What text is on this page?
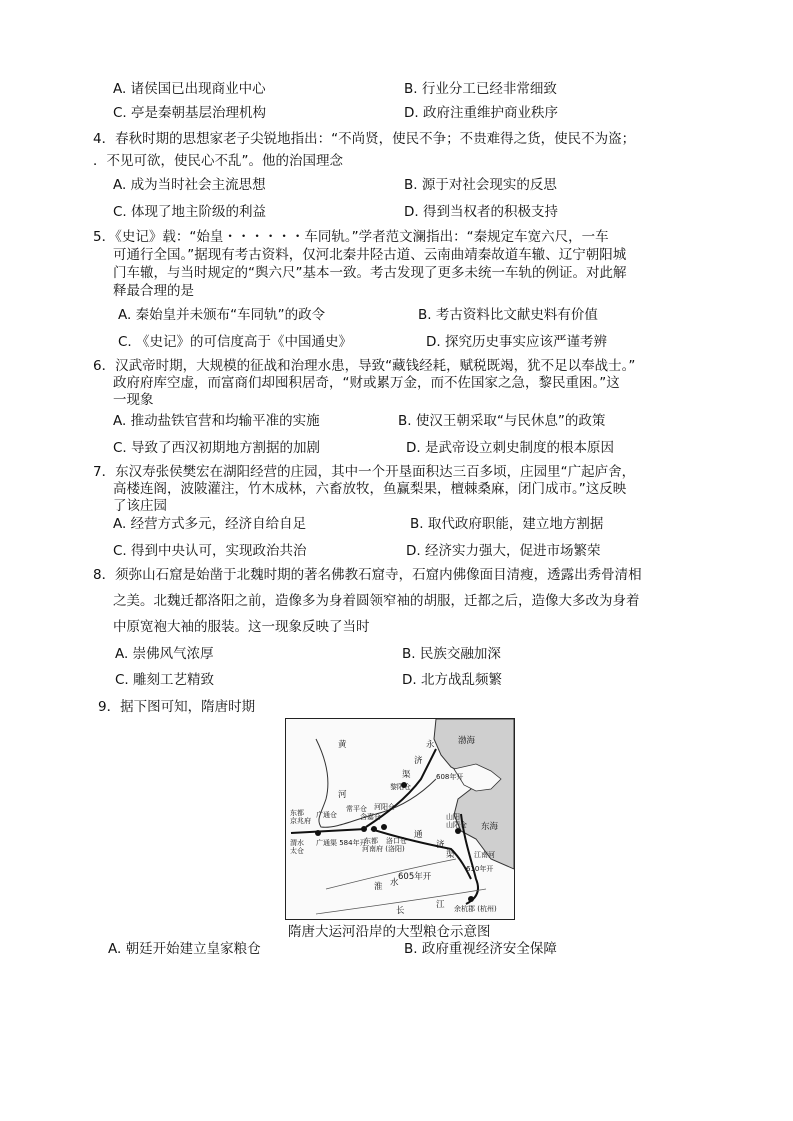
A. 诸侯国已出现商业中心	B. 行业分工已经非常细致
C. 亭是秦朝基层治理机构	D. 政府注重维护商业秩序
4．春秋时期的思想家老子尖锐地指出：“不尚贤，使民不争；不贵难得之货，使民不为盗；
．不见可欲，使民心不乱”。他的治国理念
A. 成为当时社会主流思想	B. 源于对社会现实的反思
C. 体现了地主阶级的利益	D. 得到当权者的积极支持
5．《史记》载：“始皇・・・・・・车同轨。”学者范文澜指出：“秦规定车宽六尺，一车
可通行全国。”据现有考古资料，仅河北秦井陉古道、云南曲靖秦故道车辙、辽宁朝阳城
门车辙，与当时规定的“舆六尺”基本一致。考古发现了更多未统一车轨的例证。对此解
释最合理的是
A. 秦始皇并未颁布“车同轨”的政令	B. 考古资料比文献史料有价值
C. 《史记》的可信度高于《中国通史》	D. 探究历史事实应该严谨考辨
6．汉武帝时期，大规模的征战和治理水患，导致“藏钱经耗，赋税既竭，犹不足以奉战士。”
政府府库空虚，而富商们却囤积居奇，“财或累万金，而不佐国家之急，黎民重困。”这
一现象
A. 推动盐铁官营和均输平准的实施	B. 使汉王朝采取“与民休息”的政策
C. 导致了西汉初期地方割据的加剧	D. 是武帝设立刺史制度的根本原因
7．东汉寿张侯樊宏在湖阳经营的庄园，其中一个开垦面积达三百多顷，庄园里“广起庐舍，
高楼连阁，波陂灌注，竹木成林，六畜放牧，鱼赢梨果，檀棘桑麻，闭门成市。”这反映
了该庄园
A. 经营方式多元，经济自给自足	B. 取代政府职能，建立地方割据
C. 得到中央认可，实现政治共治	D. 经济实力强大，促进市场繁荣
8．须弥山石窟是始凿于北魏时期的著名佛教石窟寺，石窟内佛像面目清瘦，透露出秀骨清相
之美。北魏迁都洛阳之前，造像多为身着圆领窄袖的胡服，迁都之后，造像大多改为身着
中原宽袍大袖的服装。这一现象反映了当时
A. 崇佛风气浓厚	B. 民族交融加深
C. 雕刻工艺精致	D. 北方战乱频繁
9．据下图可知，隋唐时期
黄
河
永
济
渠
渤海
东海
东都
京兆府
广通仓
黎阳仓
河阳仓
常平仓
含嘉仓
渭水
太仓
广通渠 584年开
东都
河南府 (洛阳)
洛口仓
通
济
渠
山阳
山阳仓
605年开
608年开
610年开
淮 水
长
江
江南河
余杭郡 (杭州)
隋唐大运河沿岸的大型粮仓示意图
A. 朝廷开始建立皇家粮仓	B. 政府重视经济安全保障
